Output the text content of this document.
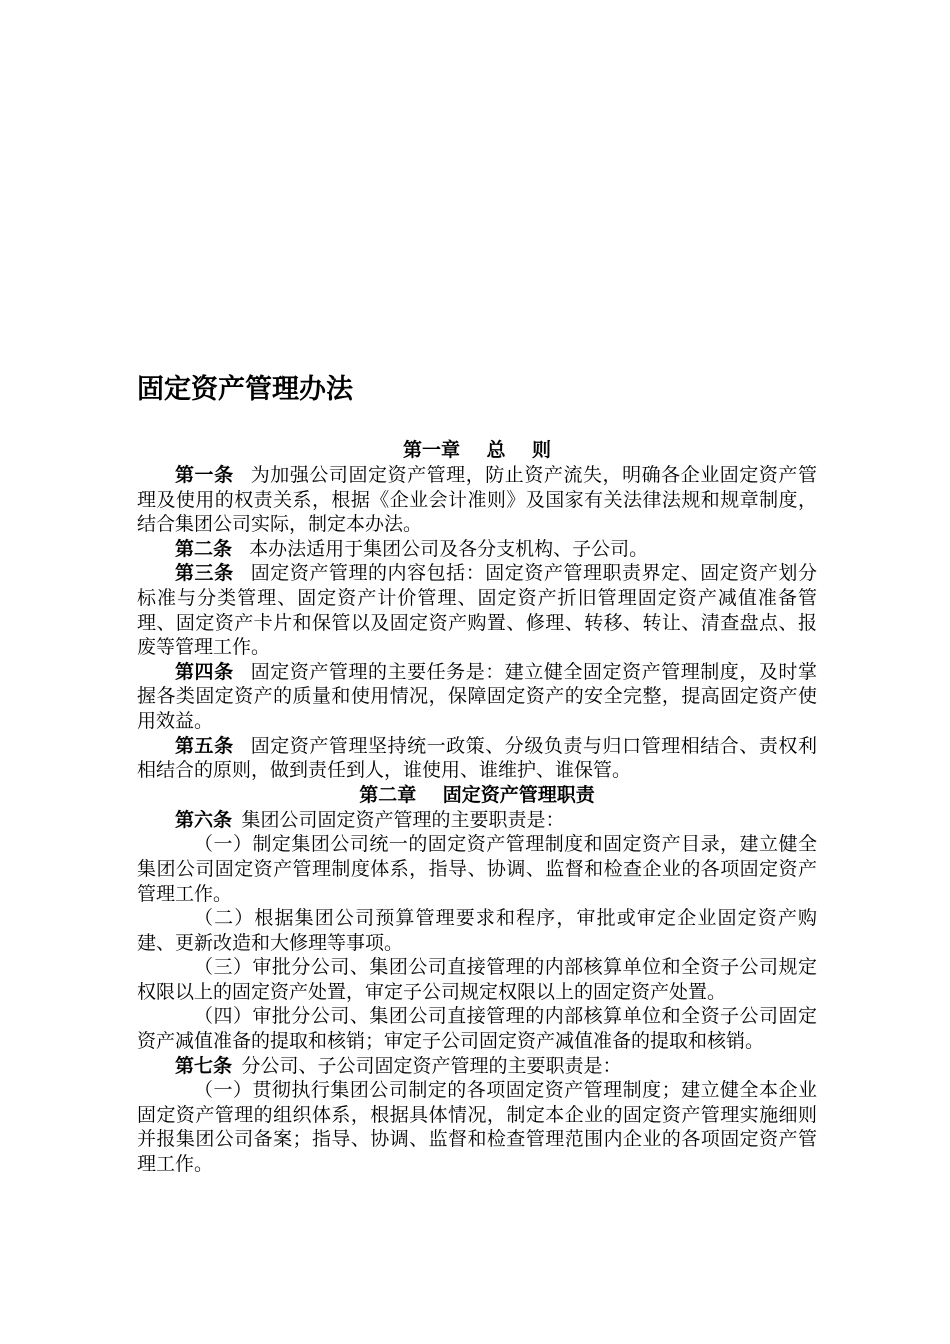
固定资产管理办法

第一章    总    则

第一条 为加强公司固定资产管理，防止资产流失，明确各企业固定资产管理及使用的权责关系，根据《企业会计准则》及国家有关法律法规和规章制度，结合集团公司实际，制定本办法。

第二条 本办法适用于集团公司及各分支机构、子公司。

第三条 固定资产管理的内容包括：固定资产管理职责界定、固定资产划分标准与分类管理、固定资产计价管理、固定资产折旧管理固定资产减值准备管理、固定资产卡片和保管以及固定资产购置、修理、转移、转让、清查盘点、报废等管理工作。

第四条 固定资产管理的主要任务是：建立健全固定资产管理制度，及时掌握各类固定资产的质量和使用情况，保障固定资产的安全完整，提高固定资产使用效益。

第五条 固定资产管理坚持统一政策、分级负责与归口管理相结合、责权利相结合的原则，做到责任到人，谁使用、谁维护、谁保管。

第二章    固定资产管理职责

第六条 集团公司固定资产管理的主要职责是：

（一）制定集团公司统一的固定资产管理制度和固定资产目录，建立健全集团公司固定资产管理制度体系，指导、协调、监督和检查企业的各项固定资产管理工作。

（二）根据集团公司预算管理要求和程序，审批或审定企业固定资产购建、更新改造和大修理等事项。

（三）审批分公司、集团公司直接管理的内部核算单位和全资子公司规定权限以上的固定资产处置，审定子公司规定权限以上的固定资产处置。

（四）审批分公司、集团公司直接管理的内部核算单位和全资子公司固定资产减值准备的提取和核销；审定子公司固定资产减值准备的提取和核销。

第七条 分公司、子公司固定资产管理的主要职责是：

（一）贯彻执行集团公司制定的各项固定资产管理制度；建立健全本企业固定资产管理的组织体系，根据具体情况，制定本企业的固定资产管理实施细则并报集团公司备案；指导、协调、监督和检查管理范围内企业的各项固定资产管理工作。
